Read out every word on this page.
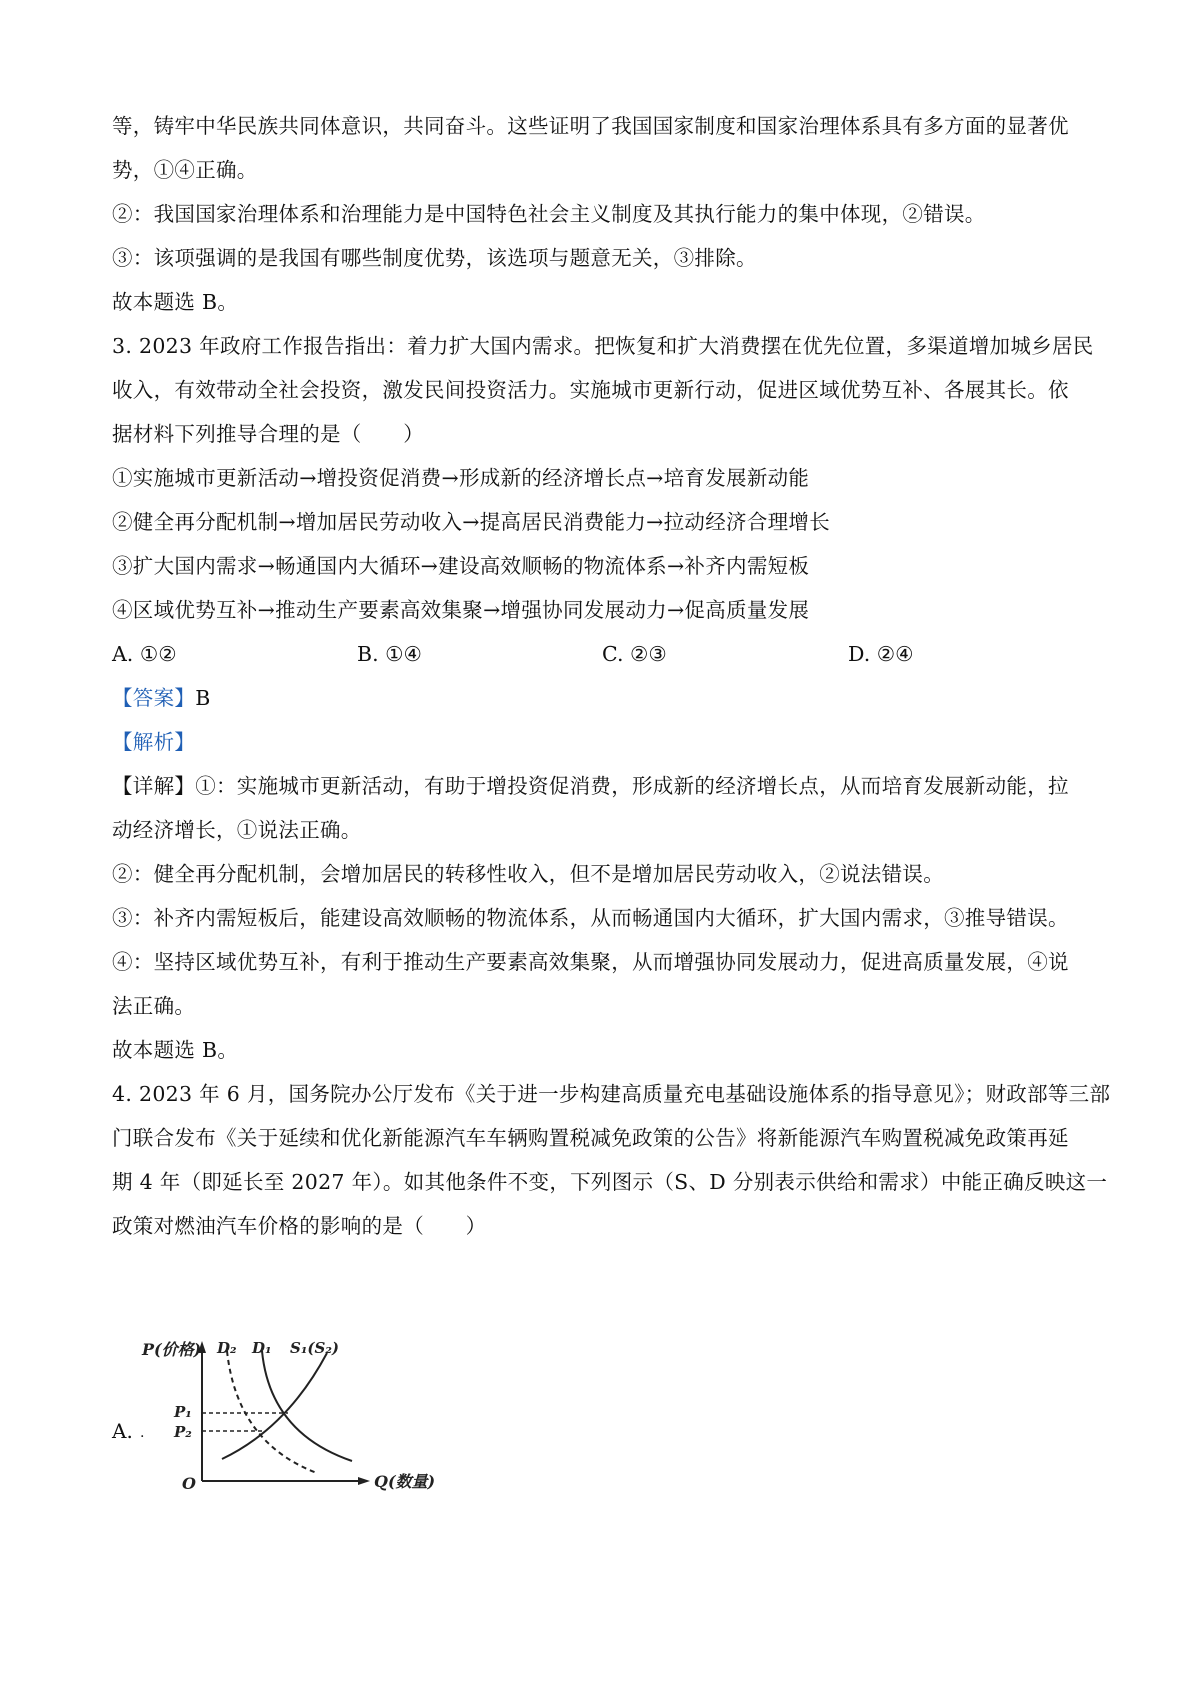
等，铸牢中华民族共同体意识，共同奋斗。这些证明了我国国家制度和国家治理体系具有多方面的显著优
势，①④正确。
②：我国国家治理体系和治理能力是中国特色社会主义制度及其执行能力的集中体现，②错误。
③：该项强调的是我国有哪些制度优势，该选项与题意无关，③排除。
故本题选 B。
3. 2023 年政府工作报告指出：着力扩大国内需求。把恢复和扩大消费摆在优先位置，多渠道增加城乡居民
收入，有效带动全社会投资，激发民间投资活力。实施城市更新行动，促进区域优势互补、各展其长。依
据材料下列推导合理的是（　　）
①实施城市更新活动→增投资促消费→形成新的经济增长点→培育发展新动能
②健全再分配机制→增加居民劳动收入→提高居民消费能力→拉动经济合理增长
③扩大国内需求→畅通国内大循环→建设高效顺畅的物流体系→补齐内需短板
④区域优势互补→推动生产要素高效集聚→增强协同发展动力→促高质量发展
A. ①②	B. ①④	C. ②③	D. ②④
【答案】B
【解析】
【详解】①：实施城市更新活动，有助于增投资促消费，形成新的经济增长点，从而培育发展新动能，拉
动经济增长，①说法正确。
②：健全再分配机制，会增加居民的转移性收入，但不是增加居民劳动收入，②说法错误。
③：补齐内需短板后，能建设高效顺畅的物流体系，从而畅通国内大循环，扩大国内需求，③推导错误。
④：坚持区域优势互补，有利于推动生产要素高效集聚，从而增强协同发展动力，促进高质量发展，④说
法正确。
故本题选 B。
4. 2023 年 6 月，国务院办公厅发布《关于进一步构建高质量充电基础设施体系的指导意见》；财政部等三部
门联合发布《关于延续和优化新能源汽车车辆购置税减免政策的公告》将新能源汽车购置税减免政策再延
期 4 年（即延长至 2027 年）。如其他条件不变，下列图示（S、D 分别表示供给和需求）中能正确反映这一
政策对燃油汽车价格的影响的是（　　）
A. .
P(价格)
Q(数量)
O
P₁
P₂
D₂ D₁ S₁(S₂)
